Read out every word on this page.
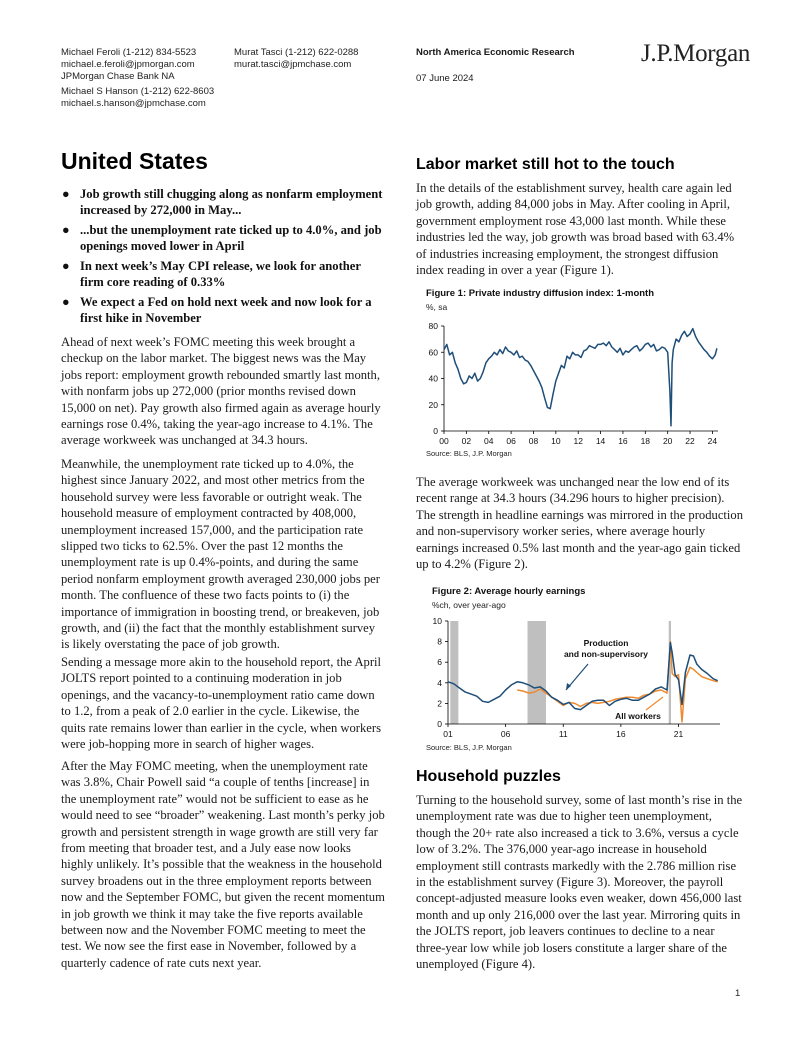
Michael Feroli (1-212) 834-5523
michael.e.feroli@jpmorgan.com
JPMorgan Chase Bank NA
Michael S Hanson (1-212) 622-8603
michael.s.hanson@jpmchase.com
Murat Tasci (1-212) 622-0288
murat.tasci@jpmchase.com
North America Economic Research
07 June 2024
J.P.Morgan
United States
● Job growth still chugging along as nonfarm employment increased by 272,000 in May...
● ...but the unemployment rate ticked up to 4.0%, and job openings moved lower in April
● In next week’s May CPI release, we look for another firm core reading of 0.33%
● We expect a Fed on hold next week and now look for a first hike in November

Ahead of next week’s FOMC meeting this week brought a checkup on the labor market. The biggest news was the May jobs report: employment growth rebounded smartly last month, with nonfarm jobs up 272,000 (prior months revised down 15,000 on net). Pay growth also firmed again as average hourly earnings rose 0.4%, taking the year-ago increase to 4.1%. The average workweek was unchanged at 34.3 hours.

Meanwhile, the unemployment rate ticked up to 4.0%, the highest since January 2022, and most other metrics from the household survey were less favorable or outright weak. The household measure of employment contracted by 408,000, unemployment increased 157,000, and the participation rate slipped two ticks to 62.5%. Over the past 12 months the unemployment rate is up 0.4%-points, and during the same period nonfarm employment growth averaged 230,000 jobs per month. The confluence of these two facts points to (i) the importance of immigration in boosting trend, or breakeven, job growth, and (ii) the fact that the monthly establishment survey is likely overstating the pace of job growth.

Sending a message more akin to the household report, the April JOLTS report pointed to a continuing moderation in job openings, and the vacancy-to-unemployment ratio came down to 1.2, from a peak of 2.0 earlier in the cycle. Likewise, the quits rate remains lower than earlier in the cycle, when workers were job-hopping more in search of higher wages.

After the May FOMC meeting, when the unemployment rate was 3.8%, Chair Powell said “a couple of tenths [increase] in the unemployment rate” would not be sufficient to ease as he would need to see “broader” weakening. Last month’s perky job growth and persistent strength in wage growth are still very far from meeting that broader test, and a July ease now looks highly unlikely. It’s possible that the weakness in the household survey broadens out in the three employment reports between now and the September FOMC, but given the recent momentum in job growth we think it may take the five reports available between now and the November FOMC meeting to meet the test. We now see the first ease in November, followed by a quarterly cadence of rate cuts next year.

Labor market still hot to the touch

In the details of the establishment survey, health care again led job growth, adding 84,000 jobs in May. After cooling in April, government employment rose 43,000 last month. While these industries led the way, job growth was broad based with 63.4% of industries increasing employment, the strongest diffusion index reading in over a year (Figure 1).

Figure 1: Private industry diffusion index: 1-month
%, sa
0
20
40
60
80
00 02 04 06 08 10 12 14 16 18 20 22 24
Source: BLS, J.P. Morgan

The average workweek was unchanged near the low end of its recent range at 34.3 hours (34.296 hours to higher precision). The strength in headline earnings was mirrored in the production and non-supervisory worker series, where average hourly earnings increased 0.5% last month and the year-ago gain ticked up to 4.2% (Figure 2).

Figure 2: Average hourly earnings
%ch, over year-ago
0
2
4
6
8
10
01	06	11	16	21
Production and non-supervisory
All workers
Source: BLS, J.P. Morgan
Household puzzles

Turning to the household survey, some of last month’s rise in the unemployment rate was due to higher teen unemployment, though the 20+ rate also increased a tick to 3.6%, versus a cycle low of 3.2%. The 376,000 year-ago increase in household employment still contrasts markedly with the 2.786 million rise in the establishment survey (Figure 3). Moreover, the payroll concept-adjusted measure looks even weaker, down 456,000 last month and up only 216,000 over the last year. Mirroring quits in the JOLTS report, job leavers continues to decline to a near three-year low while job losers constitute a larger share of the unemployed (Figure 4).

1
